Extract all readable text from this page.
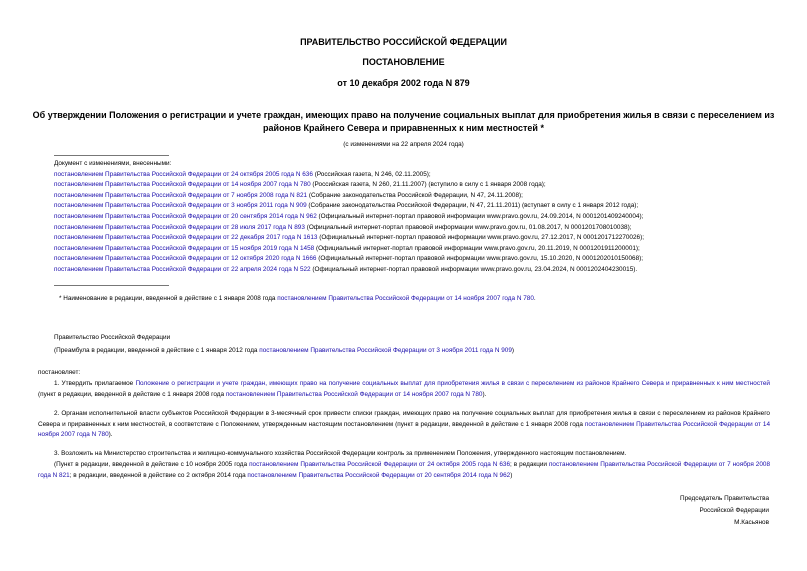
ПРАВИТЕЛЬСТВО РОССИЙСКОЙ ФЕДЕРАЦИИ
ПОСТАНОВЛЕНИЕ
от 10 декабря 2002 года N 879
Об утверждении Положения о регистрации и учете граждан, имеющих право на получение социальных выплат для приобретения жилья в связи с переселением из районов Крайнего Севера и приравненных к ним местностей *
(с изменениями на 22 апреля 2024 года)
Документ с изменениями, внесенными:
постановлением Правительства Российской Федерации от 24 октября 2005 года N 636 (Российская газета, N 246, 02.11.2005);
постановлением Правительства Российской Федерации от 14 ноября 2007 года N 780 (Российская газета, N 260, 21.11.2007) (вступило в силу с 1 января 2008 года);
постановлением Правительства Российской Федерации от 7 ноября 2008 года N 821 (Собрание законодательства Российской Федерации, N 47, 24.11.2008);
постановлением Правительства Российской Федерации от 3 ноября 2011 года N 909 (Собрание законодательства Российской Федерации, N 47, 21.11.2011) (вступает в силу с 1 января 2012 года);
постановлением Правительства Российской Федерации от 20 сентября 2014 года N 962 (Официальный интернет-портал правовой информации www.pravo.gov.ru, 24.09.2014, N 0001201409240004);
постановлением Правительства Российской Федерации от 28 июля 2017 года N 893 (Официальный интернет-портал правовой информации www.pravo.gov.ru, 01.08.2017, N 0001201708010038);
постановлением Правительства Российской Федерации от 22 декабря 2017 года N 1613 (Официальный интернет-портал правовой информации www.pravo.gov.ru, 27.12.2017, N 0001201712270026);
постановлением Правительства Российской Федерации от 15 ноября 2019 года N 1458 (Официальный интернет-портал правовой информации www.pravo.gov.ru, 20.11.2019, N 0001201911200001);
постановлением Правительства Российской Федерации от 12 октября 2020 года N 1666 (Официальный интернет-портал правовой информации www.pravo.gov.ru, 15.10.2020, N 0001202010150068);
постановлением Правительства Российской Федерации от 22 апреля 2024 года N 522 (Официальный интернет-портал правовой информации www.pravo.gov.ru, 23.04.2024, N 0001202404230015).
* Наименование в редакции, введенной в действие с 1 января 2008 года постановлением Правительства Российской Федерации от 14 ноября 2007 года N 780.
Правительство Российской Федерации
(Преамбула в редакции, введенной в действие с 1 января 2012 года постановлением Правительства Российской Федерации от 3 ноября 2011 года N 909)
постановляет:
1. Утвердить прилагаемое Положение о регистрации и учете граждан, имеющих право на получение социальных выплат для приобретения жилья в связи с переселением из районов Крайнего Севера и приравненных к ним местностей (пункт в редакции, введенной в действие с 1 января 2008 года постановлением Правительства Российской Федерации от 14 ноября 2007 года N 780).
2. Органам исполнительной власти субъектов Российской Федерации в 3-месячный срок привести списки граждан, имеющих право на получение социальных выплат для приобретения жилья в связи с переселением из районов Крайнего Севера и приравненных к ним местностей, в соответствие с Положением, утвержденным настоящим постановлением (пункт в редакции, введенной в действие с 1 января 2008 года постановлением Правительства Российской Федерации от 14 ноября 2007 года N 780).
3. Возложить на Министерство строительства и жилищно-коммунального хозяйства Российской Федерации контроль за применением Положения, утвержденного настоящим постановлением.
(Пункт в редакции, введенной в действие с 10 ноября 2005 года постановлением Правительства Российской Федерации от 24 октября 2005 года N 636; в редакции постановлением Правительства Российской Федерации от 7 ноября 2008 года N 821; в редакции, введенной в действие со 2 октября 2014 года постановлением Правительства Российской Федерации от 20 сентября 2014 года N 962)
Председатель Правительства
Российской Федерации
М.Касьянов
